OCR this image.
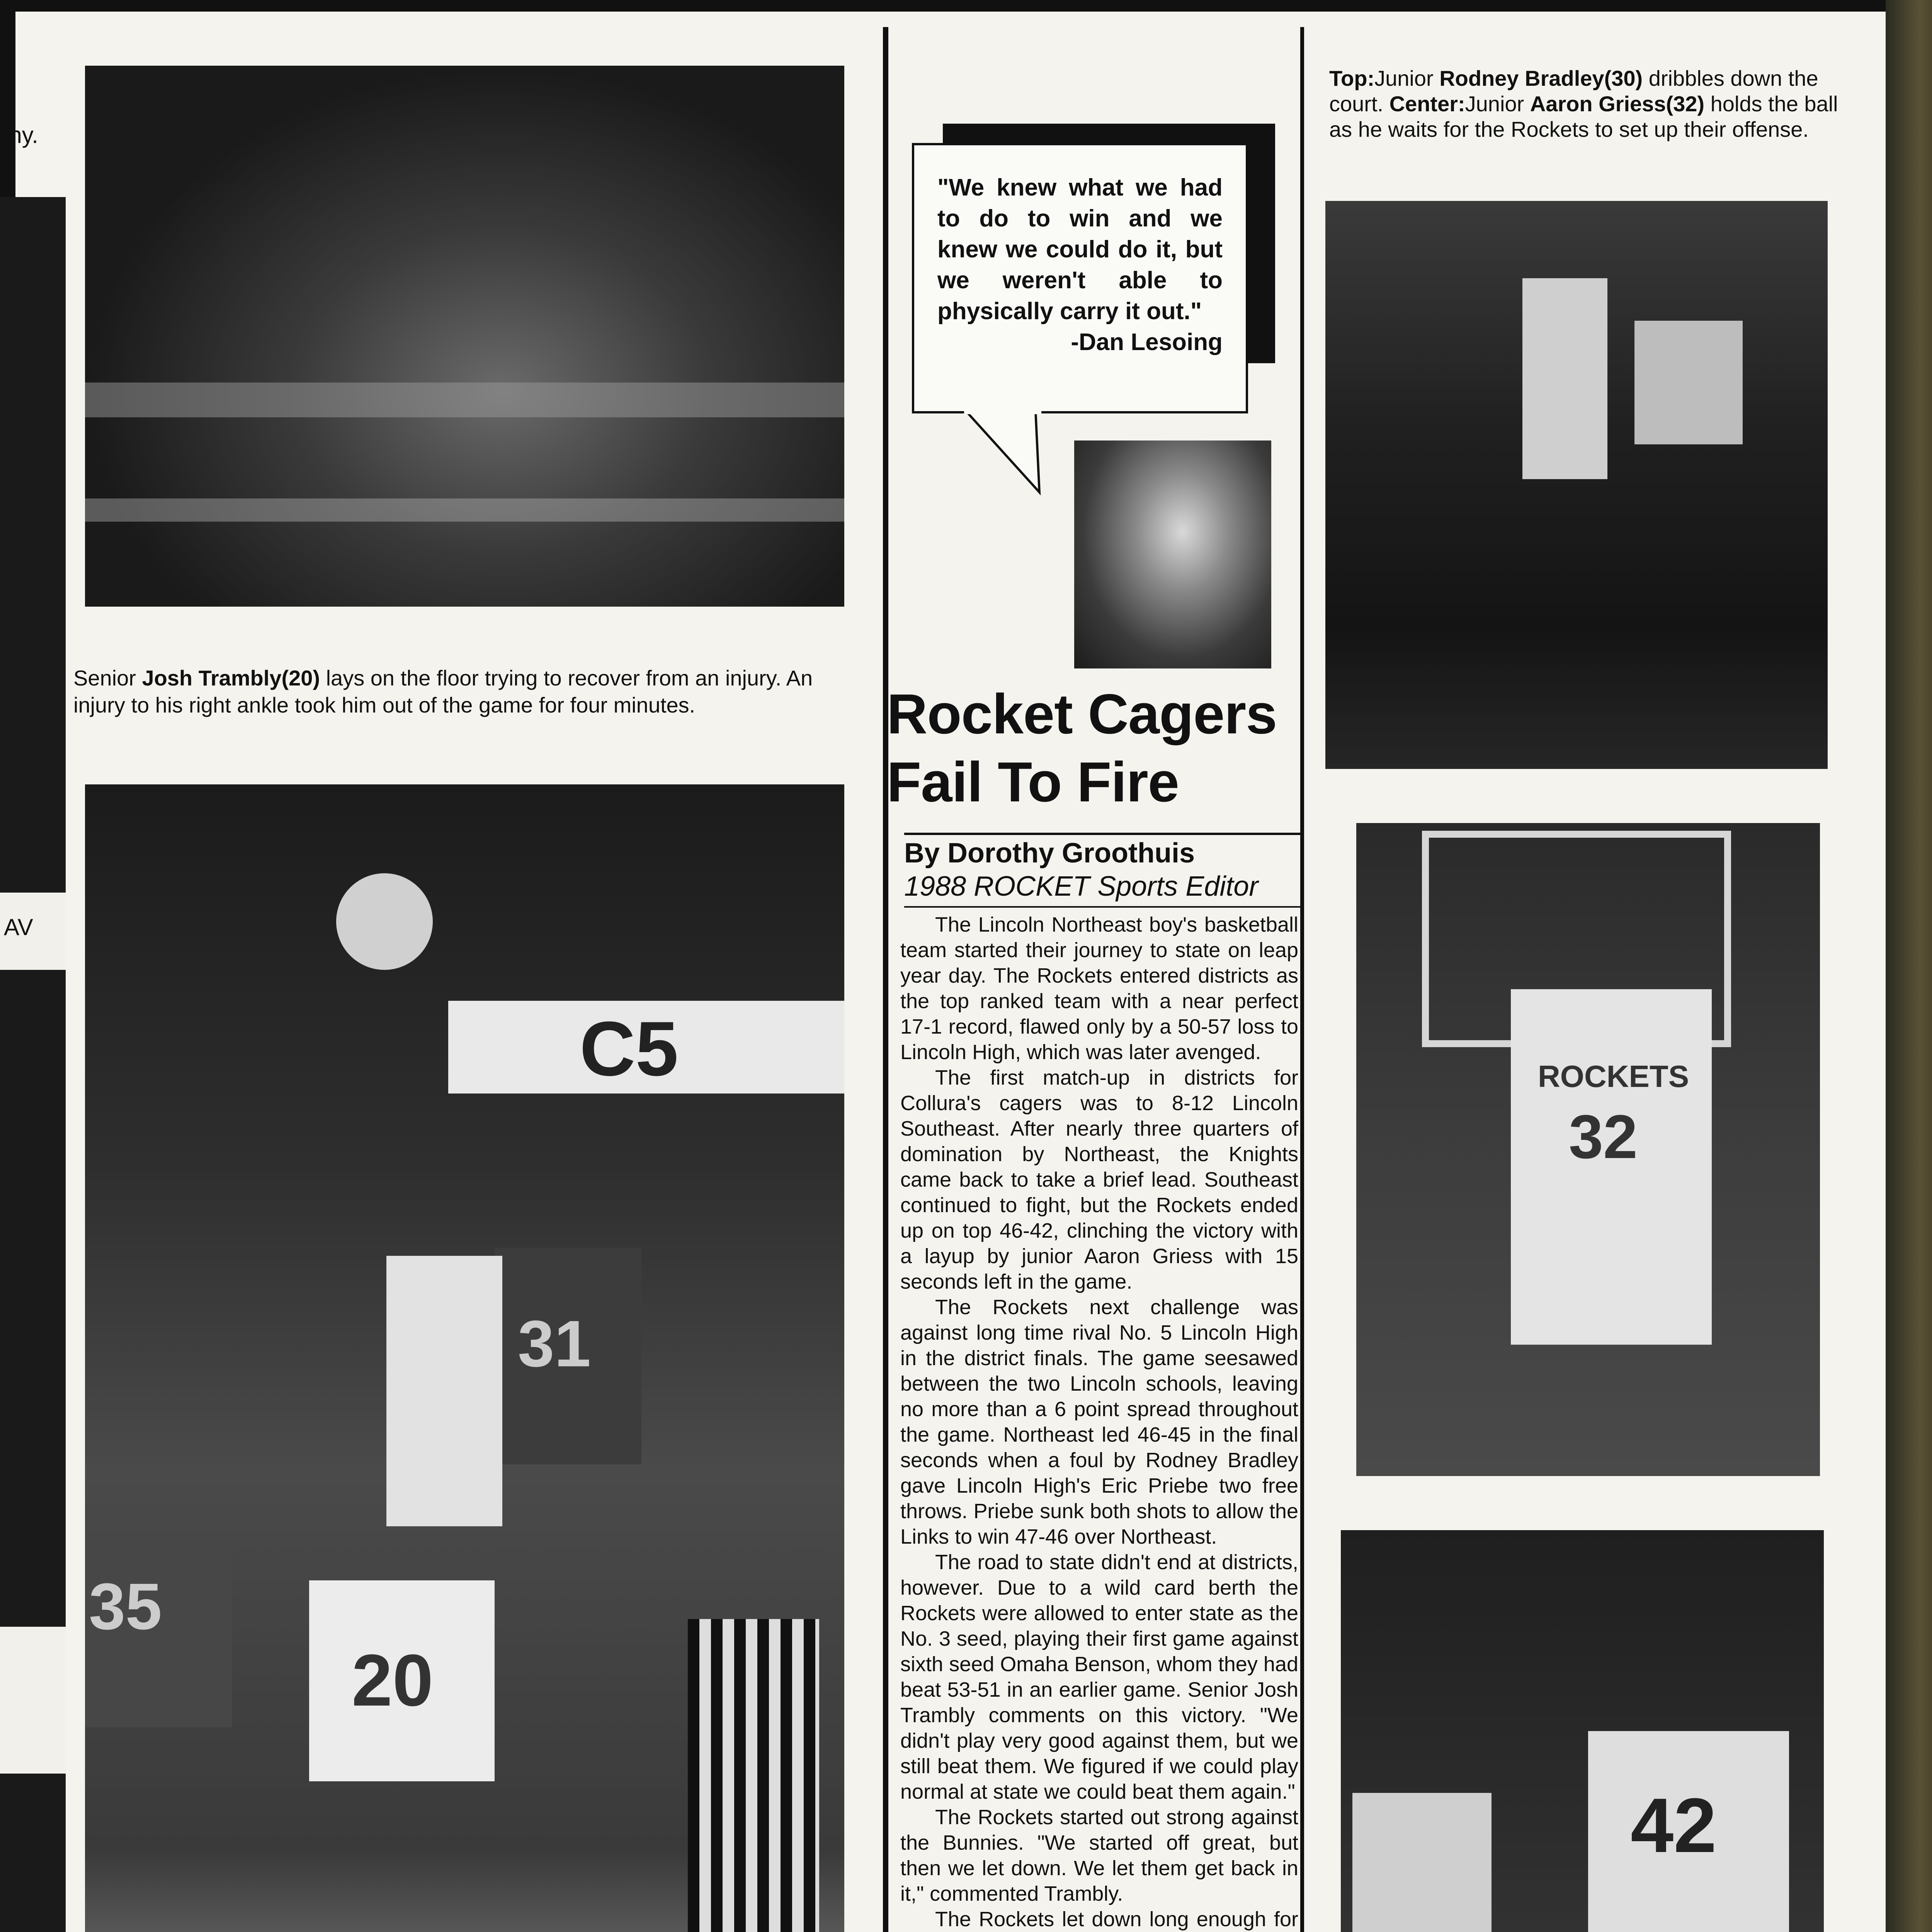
iny.
AV
Senior Josh Trambly(20) lays on the floor trying to recover from an injury. An injury to his right ankle took him out of the game for four minutes.
C5
20
31
35
"We knew what we had to do to win and we knew we could do it, but we weren't able to physically carry it out."
-Dan Lesoing
Rocket Cagers
Fail To Fire
By Dorothy Groothuis
1988 ROCKET Sports Editor

The Lincoln Northeast boy's basketball team started their journey to state on leap year day. The Rockets entered districts as the top ranked team with a near perfect 17-1 record, flawed only by a 50-57 loss to Lincoln High, which was later avenged.

The first match-up in districts for Collura's cagers was to 8-12 Lincoln Southeast. After nearly three quarters of domination by Northeast, the Knights came back to take a brief lead. Southeast continued to fight, but the Rockets ended up on top 46-42, clinching the victory with a layup by junior Aaron Griess with 15 seconds left in the game.

The Rockets next challenge was against long time rival No. 5 Lincoln High in the district finals. The game seesawed between the two Lincoln schools, leaving no more than a 6 point spread throughout the game. Northeast led 46-45 in the final seconds when a foul by Rodney Bradley gave Lincoln High's Eric Priebe two free throws. Priebe sunk both shots to allow the Links to win 47-46 over Northeast.

The road to state didn't end at districts, however. Due to a wild card berth the Rockets were allowed to enter state as the No. 3 seed, playing their first game against sixth seed Omaha Benson, whom they had beat 53-51 in an earlier game. Senior Josh Trambly comments on this victory. "We didn't play very good against them, but we still beat them. We figured if we could play normal at state we could beat them again."

The Rockets started out strong against the Bunnies. "We started off great, but then we let down. We let them get back in it," commented Trambly.

The Rockets let down long enough for

Top:Junior Rodney Bradley(30) dribbles down the court. Center:Junior Aaron Griess(32) holds the ball as he waits for the Rockets to set up their offense.
ROCKETS
32
42
